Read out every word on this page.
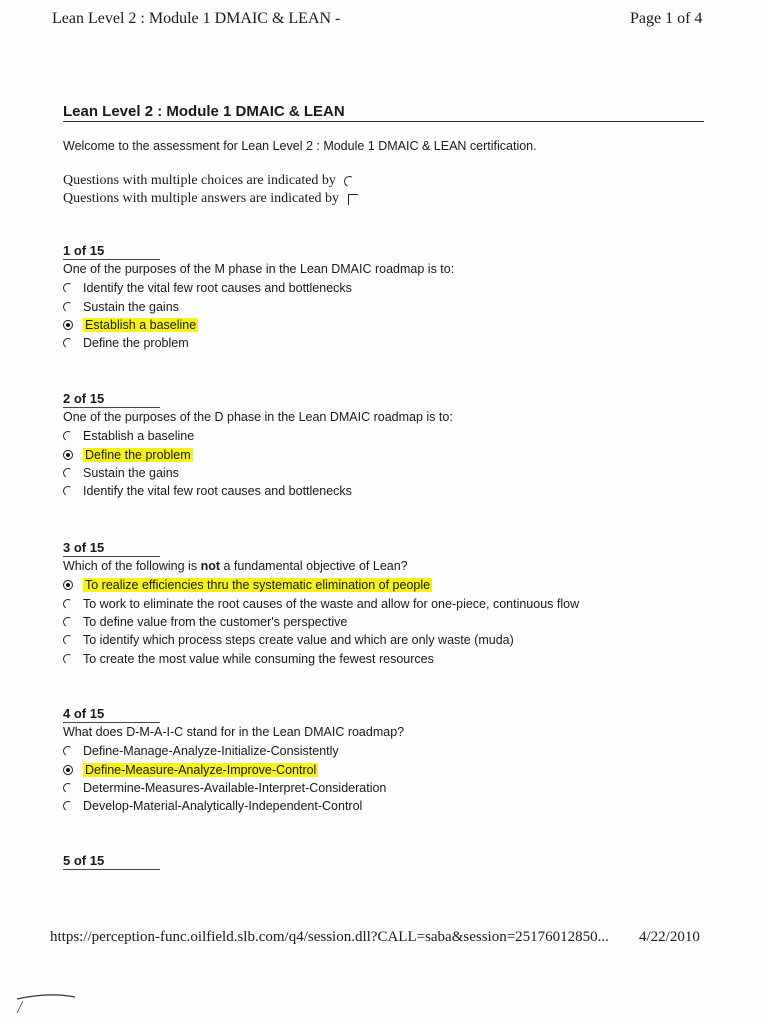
Lean Level 2 : Module 1 DMAIC & LEAN -	Page 1 of 4
Lean Level 2 : Module 1 DMAIC & LEAN
Welcome to the assessment for Lean Level 2 : Module 1 DMAIC & LEAN certification.
Questions with multiple choices are indicated by
Questions with multiple answers are indicated by
1 of 15
One of the purposes of the M phase in the Lean DMAIC roadmap is to:
Identify the vital few root causes and bottlenecks
Sustain the gains
Establish a baseline
Define the problem
2 of 15
One of the purposes of the D phase in the Lean DMAIC roadmap is to:
Establish a baseline
Define the problem
Sustain the gains
Identify the vital few root causes and bottlenecks
3 of 15
Which of the following is not a fundamental objective of Lean?
To realize efficiencies thru the systematic elimination of people
To work to eliminate the root causes of the waste and allow for one-piece, continuous flow
To define value from the customer's perspective
To identify which process steps create value and which are only waste (muda)
To create the most value while consuming the fewest resources
4 of 15
What does D-M-A-I-C stand for in the Lean DMAIC roadmap?
Define-Manage-Analyze-Initialize-Consistently
Define-Measure-Analyze-Improve-Control
Determine-Measures-Available-Interpret-Consideration
Develop-Material-Analytically-Independent-Control
5 of 15
https://perception-func.oilfield.slb.com/q4/session.dll?CALL=saba&session=25176012850... 4/22/2010
